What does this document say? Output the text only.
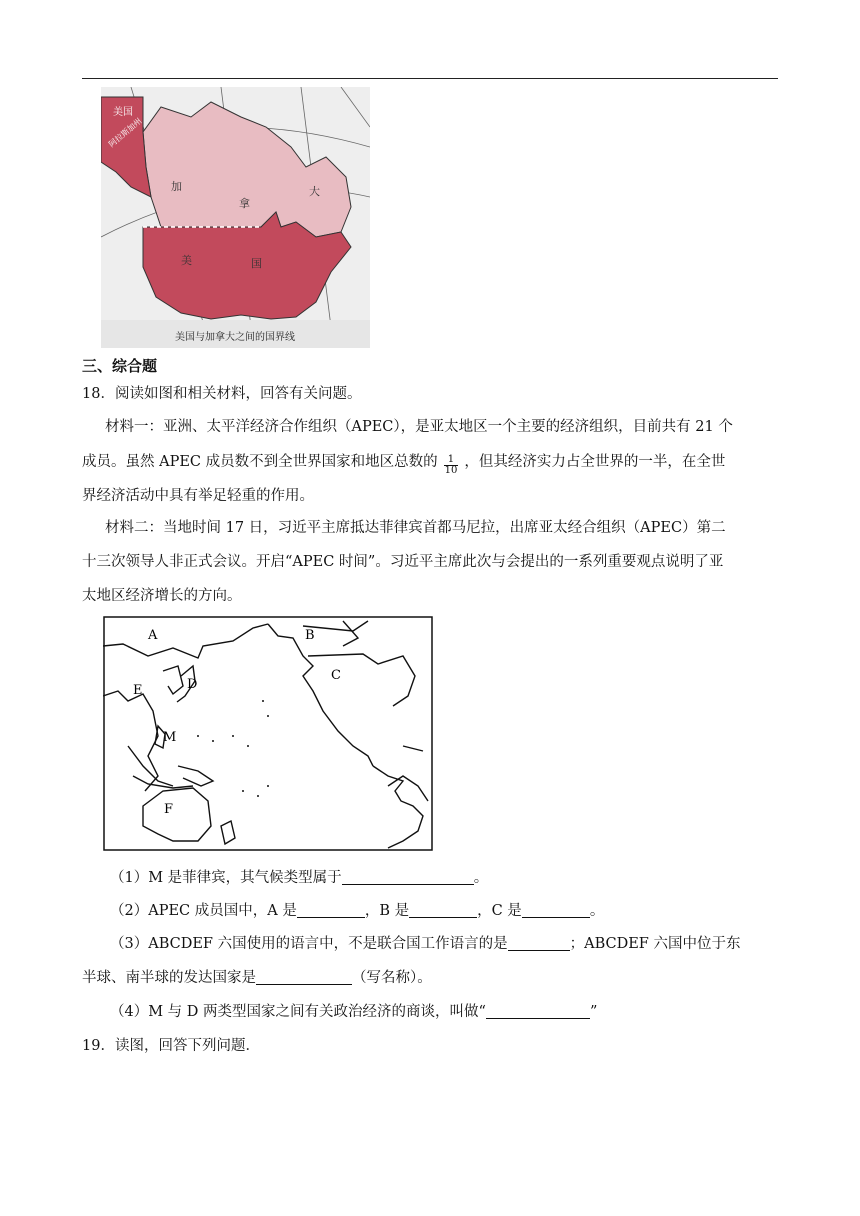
美国
阿拉斯加州
加
拿
大
美	国
美国与加拿大之间的国界线
三、综合题
18．阅读如图和相关材料，回答有关问题。
材料一：亚洲、太平洋经济合作组织（APEC），是亚太地区一个主要的经济组织，目前共有 21 个
成员。虽然 APEC 成员数不到全世界国家和地区总数的 $\frac{1}{10}$ ，但其经济实力占全世界的一半，在全世
界经济活动中具有举足轻重的作用。
材料二：当地时间 17 日，习近平主席抵达菲律宾首都马尼拉，出席亚太经合组织（APEC）第二
十三次领导人非正式会议。开启“APEC 时间”。习近平主席此次与会提出的一系列重要观点说明了亚
太地区经济增长的方向。
A	B
C
D
E
M
F
（1）M 是菲律宾，其气候类型属于	。
（2）APEC 成员国中，A 是	，B 是	，C 是	。
（3）ABCDEF 六国使用的语言中，不是联合国工作语言的是	；ABCDEF 六国中位于东
半球、南半球的发达国家是	（写名称）。
（4）M 与 D 两类型国家之间有关政治经济的商谈，叫做“	”
19．读图，回答下列问题．
